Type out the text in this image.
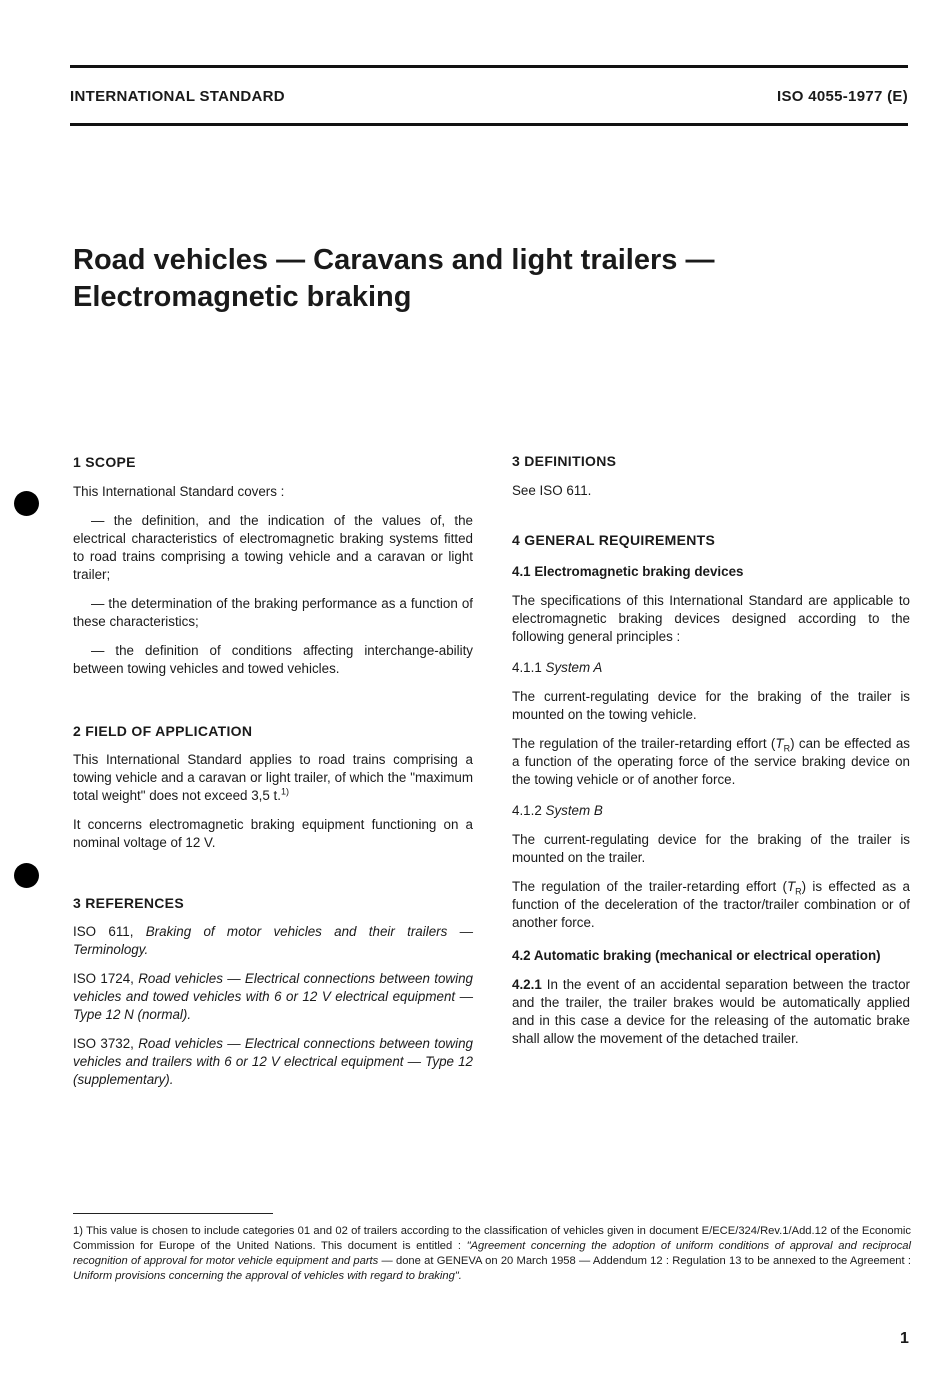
INTERNATIONAL STANDARD	ISO 4055-1977 (E)
Road vehicles — Caravans and light trailers — Electromagnetic braking

1 SCOPE

This International Standard covers :

— the definition, and the indication of the values of, the electrical characteristics of electromagnetic braking systems fitted to road trains comprising a towing vehicle and a caravan or light trailer;

— the determination of the braking performance as a function of these characteristics;

— the definition of conditions affecting interchange-ability between towing vehicles and towed vehicles.

2 FIELD OF APPLICATION

This International Standard applies to road trains comprising a towing vehicle and a caravan or light trailer, of which the "maximum total weight" does not exceed 3,5 t.$^{1)}$

It concerns electromagnetic braking equipment functioning on a nominal voltage of 12 V.

3 REFERENCES

ISO 611, Braking of motor vehicles and their trailers — Terminology.

ISO 1724, Road vehicles — Electrical connections between towing vehicles and towed vehicles with 6 or 12 V electrical equipment — Type 12 N (normal).

ISO 3732, Road vehicles — Electrical connections between towing vehicles and trailers with 6 or 12 V electrical equipment — Type 12 (supplementary).

3 DEFINITIONS

See ISO 611.

4 GENERAL REQUIREMENTS

4.1 Electromagnetic braking devices

The specifications of this International Standard are applicable to electromagnetic braking devices designed according to the following general principles :

4.1.1 System A

The current-regulating device for the braking of the trailer is mounted on the towing vehicle.

The regulation of the trailer-retarding effort $(T_R)$ can be effected as a function of the operating force of the service braking device on the towing vehicle or of another force.

4.1.2 System B

The current-regulating device for the braking of the trailer is mounted on the trailer.

The regulation of the trailer-retarding effort $(T_R)$ is effected as a function of the deceleration of the tractor/trailer combination or of another force.

4.2 Automatic braking (mechanical or electrical operation)

4.2.1 In the event of an accidental separation between the tractor and the trailer, the trailer brakes would be automatically applied and in this case a device for the releasing of the automatic brake shall allow the movement of the detached trailer.

1) This value is chosen to include categories 01 and 02 of trailers according to the classification of vehicles given in document E/ECE/324/Rev.1/Add.12 of the Economic Commission for Europe of the United Nations. This document is entitled : "Agreement concerning the adoption of uniform conditions of approval and reciprocal recognition of approval for motor vehicle equipment and parts — done at GENEVA on 20 March 1958 — Addendum 12 : Regulation 13 to be annexed to the Agreement : Uniform provisions concerning the approval of vehicles with regard to braking".

1
